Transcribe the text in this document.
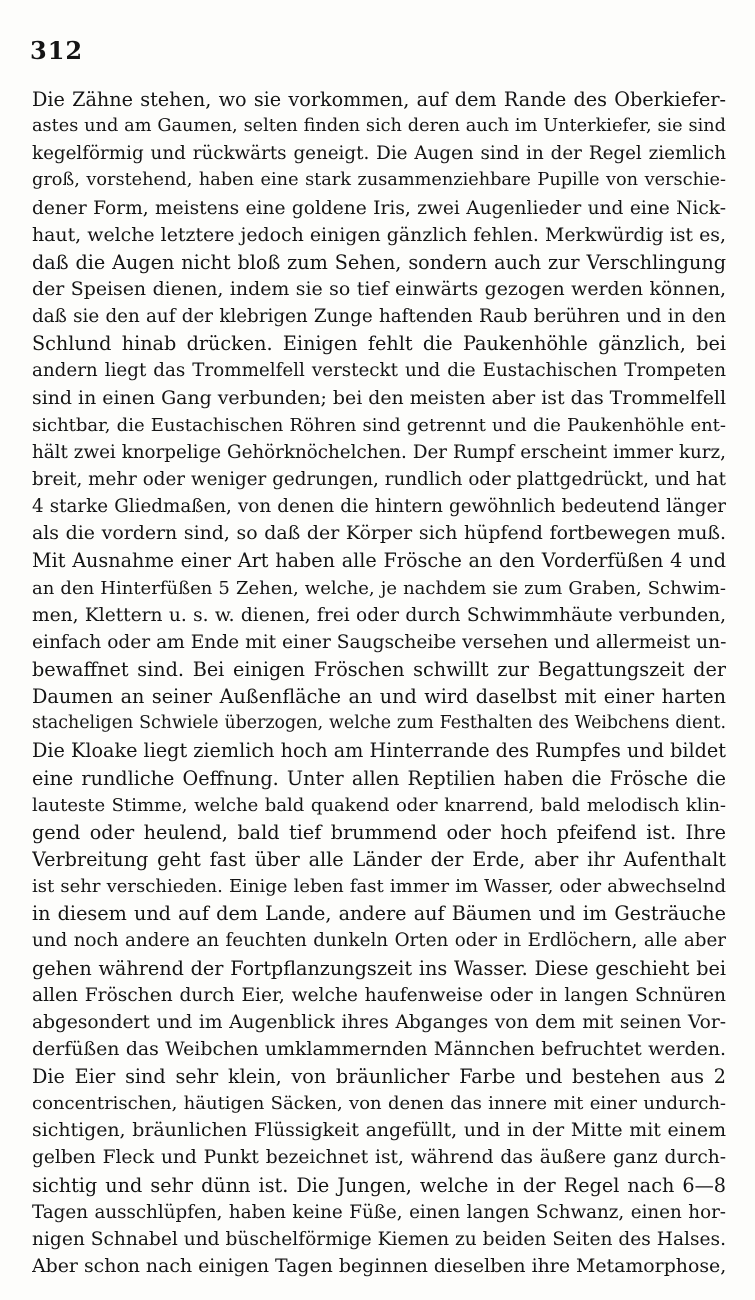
312
Die Zähne stehen, wo sie vorkommen, auf dem Rande des Oberkiefer-
astes und am Gaumen, selten finden sich deren auch im Unterkiefer, sie sind
kegelförmig und rückwärts geneigt. Die Augen sind in der Regel ziemlich
groß, vorstehend, haben eine stark zusammenziehbare Pupille von verschie-
dener Form, meistens eine goldene Iris, zwei Augenlieder und eine Nick-
haut, welche letztere jedoch einigen gänzlich fehlen. Merkwürdig ist es,
daß die Augen nicht bloß zum Sehen, sondern auch zur Verschlingung
der Speisen dienen, indem sie so tief einwärts gezogen werden können,
daß sie den auf der klebrigen Zunge haftenden Raub berühren und in den
Schlund hinab drücken. Einigen fehlt die Paukenhöhle gänzlich, bei
andern liegt das Trommelfell versteckt und die Eustachischen Trompeten
sind in einen Gang verbunden; bei den meisten aber ist das Trommelfell
sichtbar, die Eustachischen Röhren sind getrennt und die Paukenhöhle ent-
hält zwei knorpelige Gehörknöchelchen. Der Rumpf erscheint immer kurz,
breit, mehr oder weniger gedrungen, rundlich oder plattgedrückt, und hat
4 starke Gliedmaßen, von denen die hintern gewöhnlich bedeutend länger
als die vordern sind, so daß der Körper sich hüpfend fortbewegen muß.
Mit Ausnahme einer Art haben alle Frösche an den Vorderfüßen 4 und
an den Hinterfüßen 5 Zehen, welche, je nachdem sie zum Graben, Schwim-
men, Klettern u. s. w. dienen, frei oder durch Schwimmhäute verbunden,
einfach oder am Ende mit einer Saugscheibe versehen und allermeist un-
bewaffnet sind. Bei einigen Fröschen schwillt zur Begattungszeit der
Daumen an seiner Außenfläche an und wird daselbst mit einer harten
stacheligen Schwiele überzogen, welche zum Festhalten des Weibchens dient.
Die Kloake liegt ziemlich hoch am Hinterrande des Rumpfes und bildet
eine rundliche Oeffnung. Unter allen Reptilien haben die Frösche die
lauteste Stimme, welche bald quakend oder knarrend, bald melodisch klin-
gend oder heulend, bald tief brummend oder hoch pfeifend ist. Ihre
Verbreitung geht fast über alle Länder der Erde, aber ihr Aufenthalt
ist sehr verschieden. Einige leben fast immer im Wasser, oder abwechselnd
in diesem und auf dem Lande, andere auf Bäumen und im Gesträuche
und noch andere an feuchten dunkeln Orten oder in Erdlöchern, alle aber
gehen während der Fortpflanzungszeit ins Wasser. Diese geschieht bei
allen Fröschen durch Eier, welche haufenweise oder in langen Schnüren
abgesondert und im Augenblick ihres Abganges von dem mit seinen Vor-
derfüßen das Weibchen umklammernden Männchen befruchtet werden.
Die Eier sind sehr klein, von bräunlicher Farbe und bestehen aus 2
concentrischen, häutigen Säcken, von denen das innere mit einer undurch-
sichtigen, bräunlichen Flüssigkeit angefüllt, und in der Mitte mit einem
gelben Fleck und Punkt bezeichnet ist, während das äußere ganz durch-
sichtig und sehr dünn ist. Die Jungen, welche in der Regel nach 6—8
Tagen ausschlüpfen, haben keine Füße, einen langen Schwanz, einen hor-
nigen Schnabel und büschelförmige Kiemen zu beiden Seiten des Halses.
Aber schon nach einigen Tagen beginnen dieselben ihre Metamorphose,
